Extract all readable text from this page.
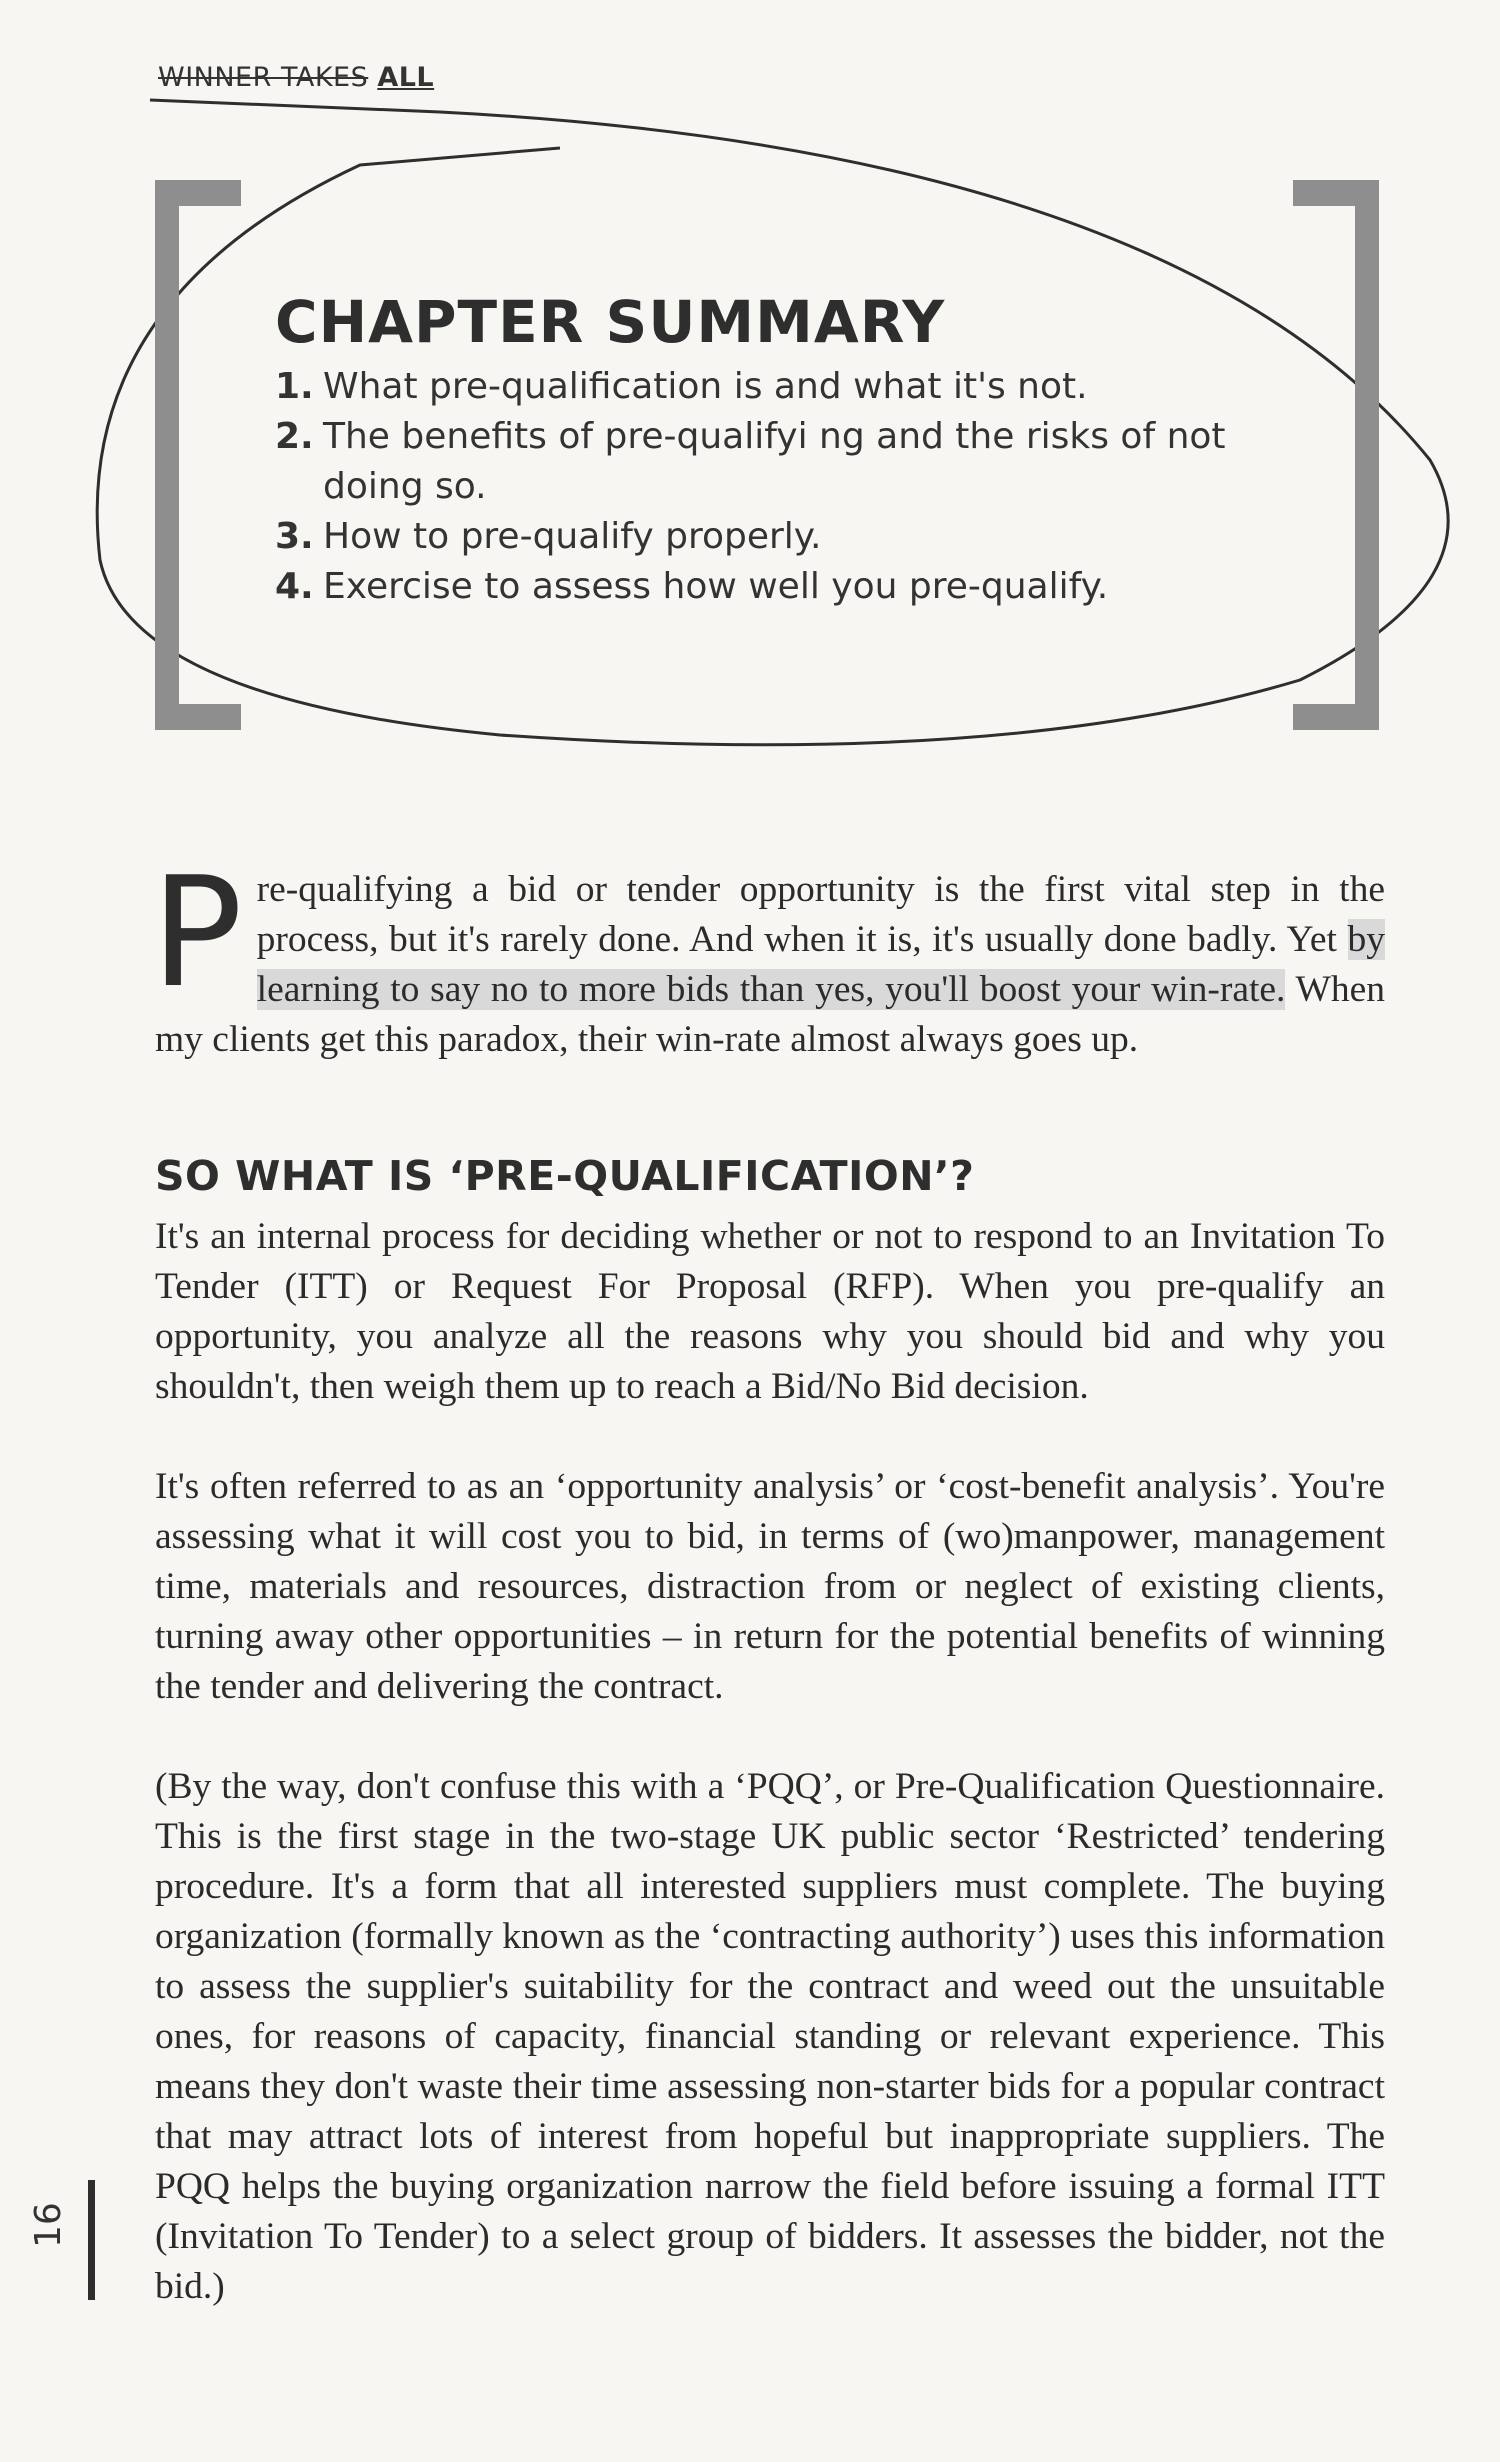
WINNER TAKES ALL
CHAPTER SUMMARY
1. What pre-qualification is and what it's not.
2. The benefits of pre-qualifyi ng and the risks of not doing so.
3. How to pre-qualify properly.
4. Exercise to assess how well you pre-qualify.

Pre-qualifying a bid or tender opportunity is the first vital step in the process, but it's rarely done. And when it is, it's usually done badly. Yet by learning to say no to more bids than yes, you'll boost your win-rate. When my clients get this paradox, their win-rate almost always goes up.

SO WHAT IS ‘PRE-QUALIFICATION’?

It's an internal process for deciding whether or not to respond to an Invitation To Tender (ITT) or Request For Proposal (RFP). When you pre-qualify an opportunity, you analyze all the reasons why you should bid and why you shouldn't, then weigh them up to reach a Bid/No Bid decision.

It's often referred to as an ‘opportunity analysis’ or ‘cost-benefit analysis’. You're assessing what it will cost you to bid, in terms of (wo)manpower, management time, materials and resources, distraction from or neglect of existing clients, turning away other opportunities – in return for the potential benefits of winning the tender and delivering the contract.

(By the way, don't confuse this with a ‘PQQ’, or Pre-Qualification Questionnaire. This is the first stage in the two-stage UK public sector ‘Restricted’ tendering procedure. It's a form that all interested suppliers must complete. The buying organization (formally known as the ‘contracting authority’) uses this information to assess the supplier's suitability for the contract and weed out the unsuitable ones, for reasons of capacity, financial standing or relevant experience. This means they don't waste their time assessing non-starter bids for a popular contract that may attract lots of interest from hopeful but inappropriate suppliers. The PQQ helps the buying organization narrow the field before issuing a formal ITT (Invitation To Tender) to a select group of bidders. It assesses the bidder, not the bid.)

16
